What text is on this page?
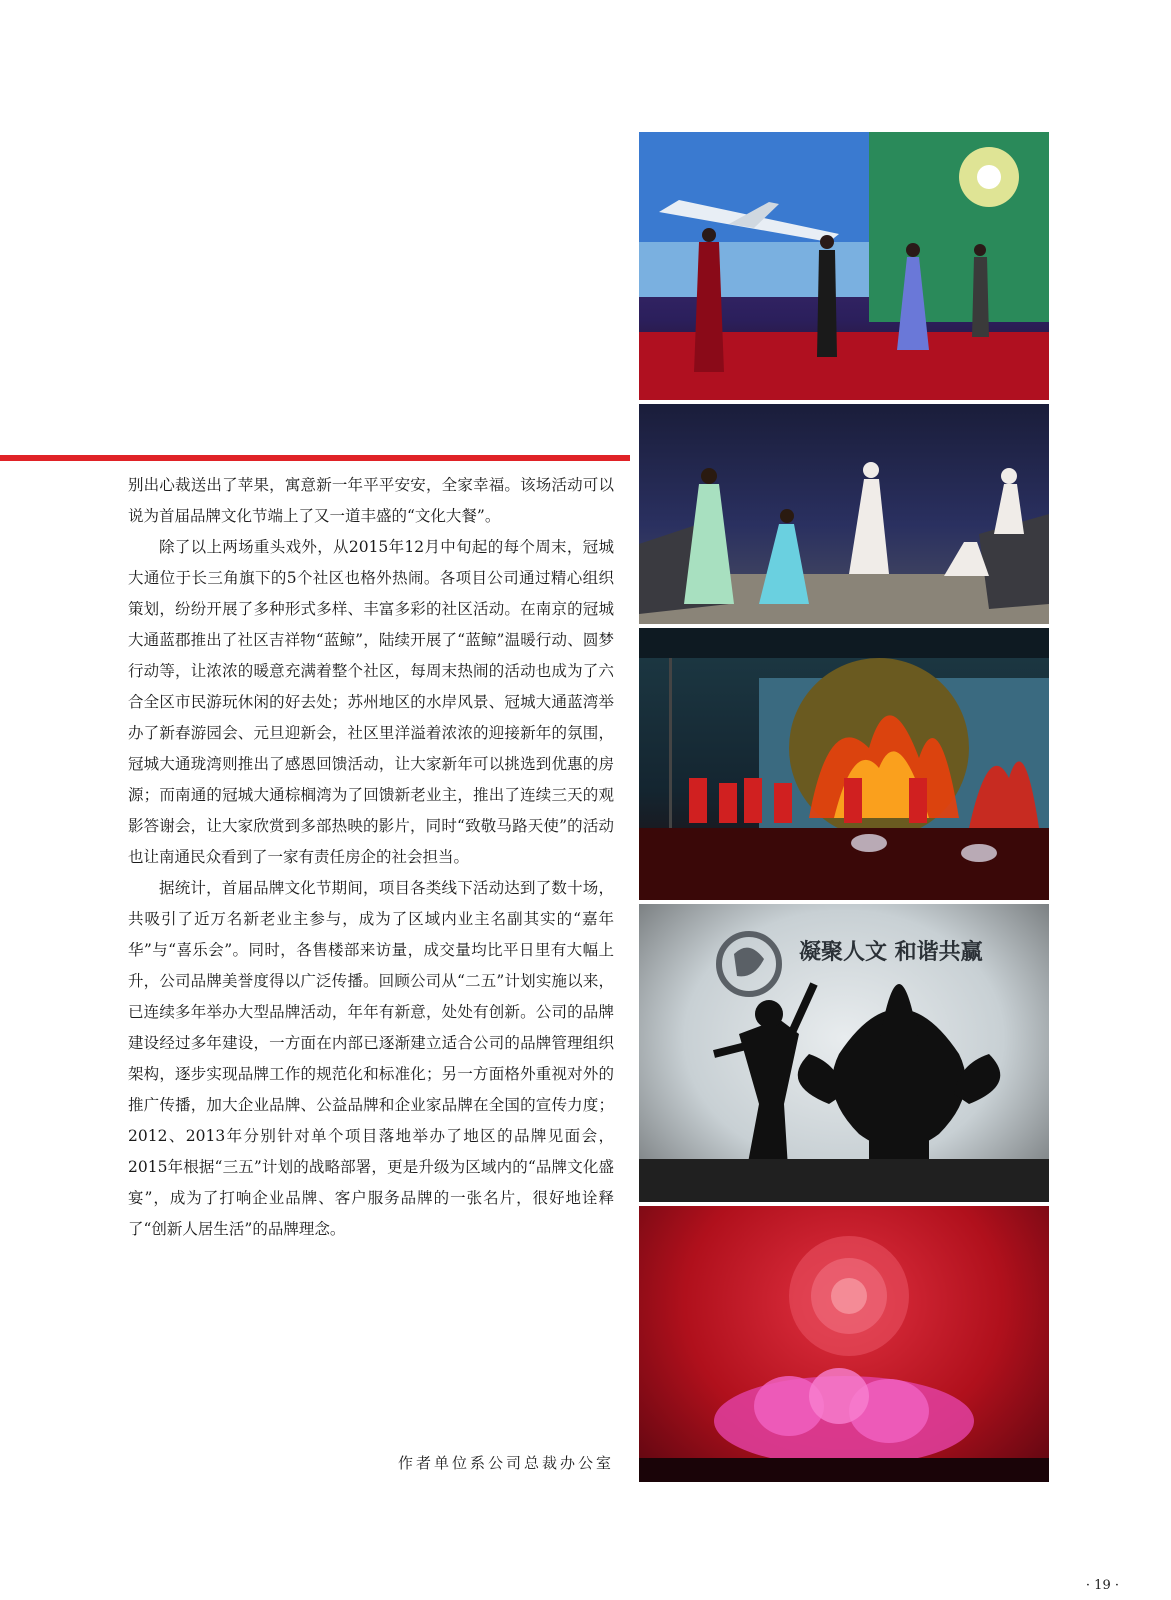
别出心裁送出了苹果，寓意新一年平平安安，全家幸福。该场活动可以说为首届品牌文化节端上了又一道丰盛的“文化大餐”。

除了以上两场重头戏外，从2015年12月中旬起的每个周末，冠城大通位于长三角旗下的5个社区也格外热闹。各项目公司通过精心组织策划，纷纷开展了多种形式多样、丰富多彩的社区活动。在南京的冠城大通蓝郡推出了社区吉祥物“蓝鲸”，陆续开展了“蓝鲸”温暖行动、圆梦行动等，让浓浓的暖意充满着整个社区，每周末热闹的活动也成为了六合全区市民游玩休闲的好去处；苏州地区的水岸风景、冠城大通蓝湾举办了新春游园会、元旦迎新会，社区里洋溢着浓浓的迎接新年的氛围，冠城大通珑湾则推出了感恩回馈活动，让大家新年可以挑选到优惠的房源；而南通的冠城大通棕榈湾为了回馈新老业主，推出了连续三天的观影答谢会，让大家欣赏到多部热映的影片，同时“致敬马路天使”的活动也让南通民众看到了一家有责任房企的社会担当。

据统计，首届品牌文化节期间，项目各类线下活动达到了数十场，共吸引了近万名新老业主参与，成为了区域内业主名副其实的“嘉年华”与“喜乐会”。同时，各售楼部来访量，成交量均比平日里有大幅上升，公司品牌美誉度得以广泛传播。回顾公司从“二五”计划实施以来，已连续多年举办大型品牌活动，年年有新意，处处有创新。公司的品牌建设经过多年建设，一方面在内部已逐渐建立适合公司的品牌管理组织架构，逐步实现品牌工作的规范化和标准化；另一方面格外重视对外的推广传播，加大企业品牌、公益品牌和企业家品牌在全国的宣传力度；2012、2013年分别针对单个项目落地举办了地区的品牌见面会，2015年根据“三五”计划的战略部署，更是升级为区域内的“品牌文化盛宴”，成为了打响企业品牌、客户服务品牌的一张名片，很好地诠释了“创新人居生活”的品牌理念。

作者单位系公司总裁办公室
凝聚人文 和谐共赢
· 19 ·
